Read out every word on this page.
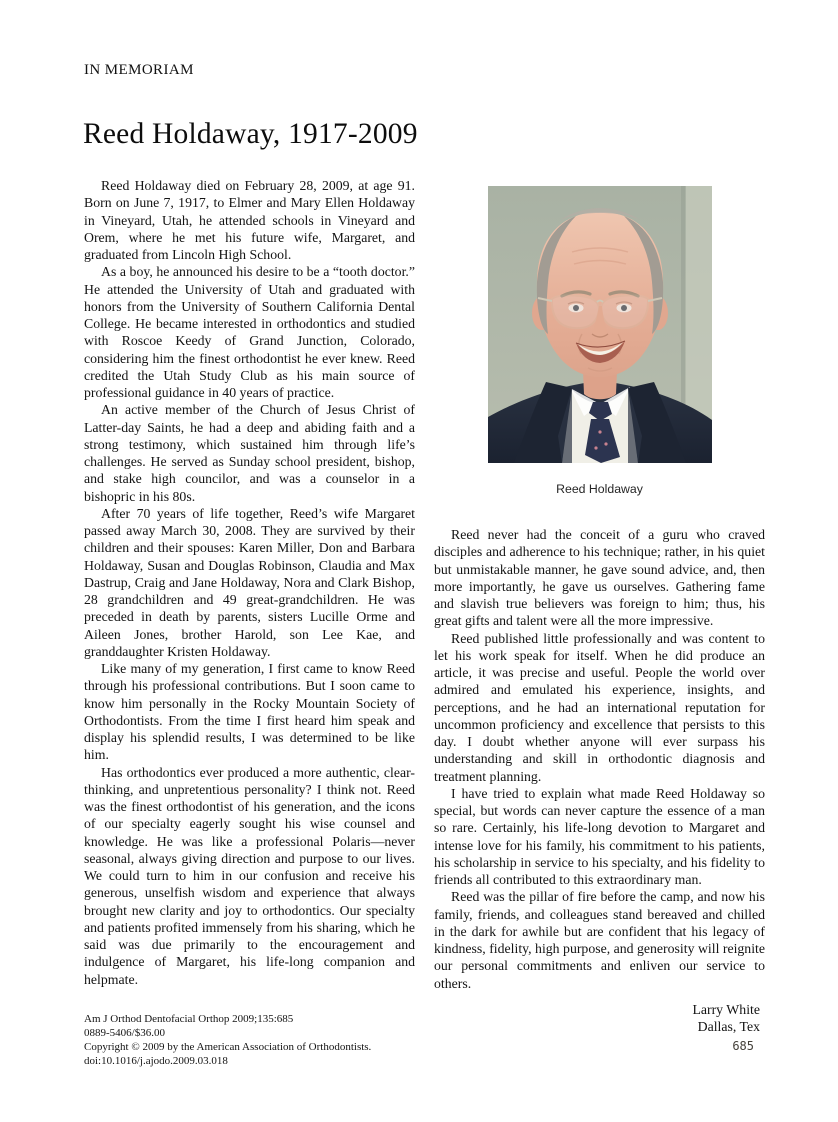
IN MEMORIAM
Reed Holdaway, 1917-2009

Reed Holdaway died on February 28, 2009, at age 91. Born on June 7, 1917, to Elmer and Mary Ellen Holdaway in Vineyard, Utah, he attended schools in Vineyard and Orem, where he met his future wife, Margaret, and graduated from Lincoln High School.

As a boy, he announced his desire to be a “tooth doctor.” He attended the University of Utah and graduated with honors from the University of Southern California Dental College. He became interested in orthodontics and studied with Roscoe Keedy of Grand Junction, Colorado, considering him the finest orthodontist he ever knew. Reed credited the Utah Study Club as his main source of professional guidance in 40 years of practice.

An active member of the Church of Jesus Christ of Latter-day Saints, he had a deep and abiding faith and a strong testimony, which sustained him through life’s challenges. He served as Sunday school president, bishop, and stake high councilor, and was a counselor in a bishopric in his 80s.

After 70 years of life together, Reed’s wife Margaret passed away March 30, 2008. They are survived by their children and their spouses: Karen Miller, Don and Barbara Holdaway, Susan and Douglas Robinson, Claudia and Max Dastrup, Craig and Jane Holdaway, Nora and Clark Bishop, 28 grandchildren and 49 great-grandchildren. He was preceded in death by parents, sisters Lucille Orme and Aileen Jones, brother Harold, son Lee Kae, and granddaughter Kristen Holdaway.

Like many of my generation, I first came to know Reed through his professional contributions. But I soon came to know him personally in the Rocky Mountain Society of Orthodontists. From the time I first heard him speak and display his splendid results, I was determined to be like him.

Has orthodontics ever produced a more authentic, clear-thinking, and unpretentious personality? I think not. Reed was the finest orthodontist of his generation, and the icons of our specialty eagerly sought his wise counsel and knowledge. He was like a professional Polaris—never seasonal, always giving direction and purpose to our lives. We could turn to him in our confusion and receive his generous, unselfish wisdom and experience that always brought new clarity and joy to orthodontics. Our specialty and patients profited immensely from his sharing, which he said was due primarily to the encouragement and indulgence of Margaret, his life-long companion and helpmate.

Am J Orthod Dentofacial Orthop 2009;135:685
0889-5406/$36.00
Copyright © 2009 by the American Association of Orthodontists.
doi:10.1016/j.ajodo.2009.03.018
Reed Holdaway

Reed never had the conceit of a guru who craved disciples and adherence to his technique; rather, in his quiet but unmistakable manner, he gave sound advice, and, then more importantly, he gave us ourselves. Gathering fame and slavish true believers was foreign to him; thus, his great gifts and talent were all the more impressive.

Reed published little professionally and was content to let his work speak for itself. When he did produce an article, it was precise and useful. People the world over admired and emulated his experience, insights, and perceptions, and he had an international reputation for uncommon proficiency and excellence that persists to this day. I doubt whether anyone will ever surpass his understanding and skill in orthodontic diagnosis and treatment planning.

I have tried to explain what made Reed Holdaway so special, but words can never capture the essence of a man so rare. Certainly, his life-long devotion to Margaret and intense love for his family, his commitment to his patients, his scholarship in service to his specialty, and his fidelity to friends all contributed to this extraordinary man.

Reed was the pillar of fire before the camp, and now his family, friends, and colleagues stand bereaved and chilled in the dark for awhile but are confident that his legacy of kindness, fidelity, high purpose, and generosity will reignite our personal commitments and enliven our service to others.

Larry White
Dallas, Tex
685
